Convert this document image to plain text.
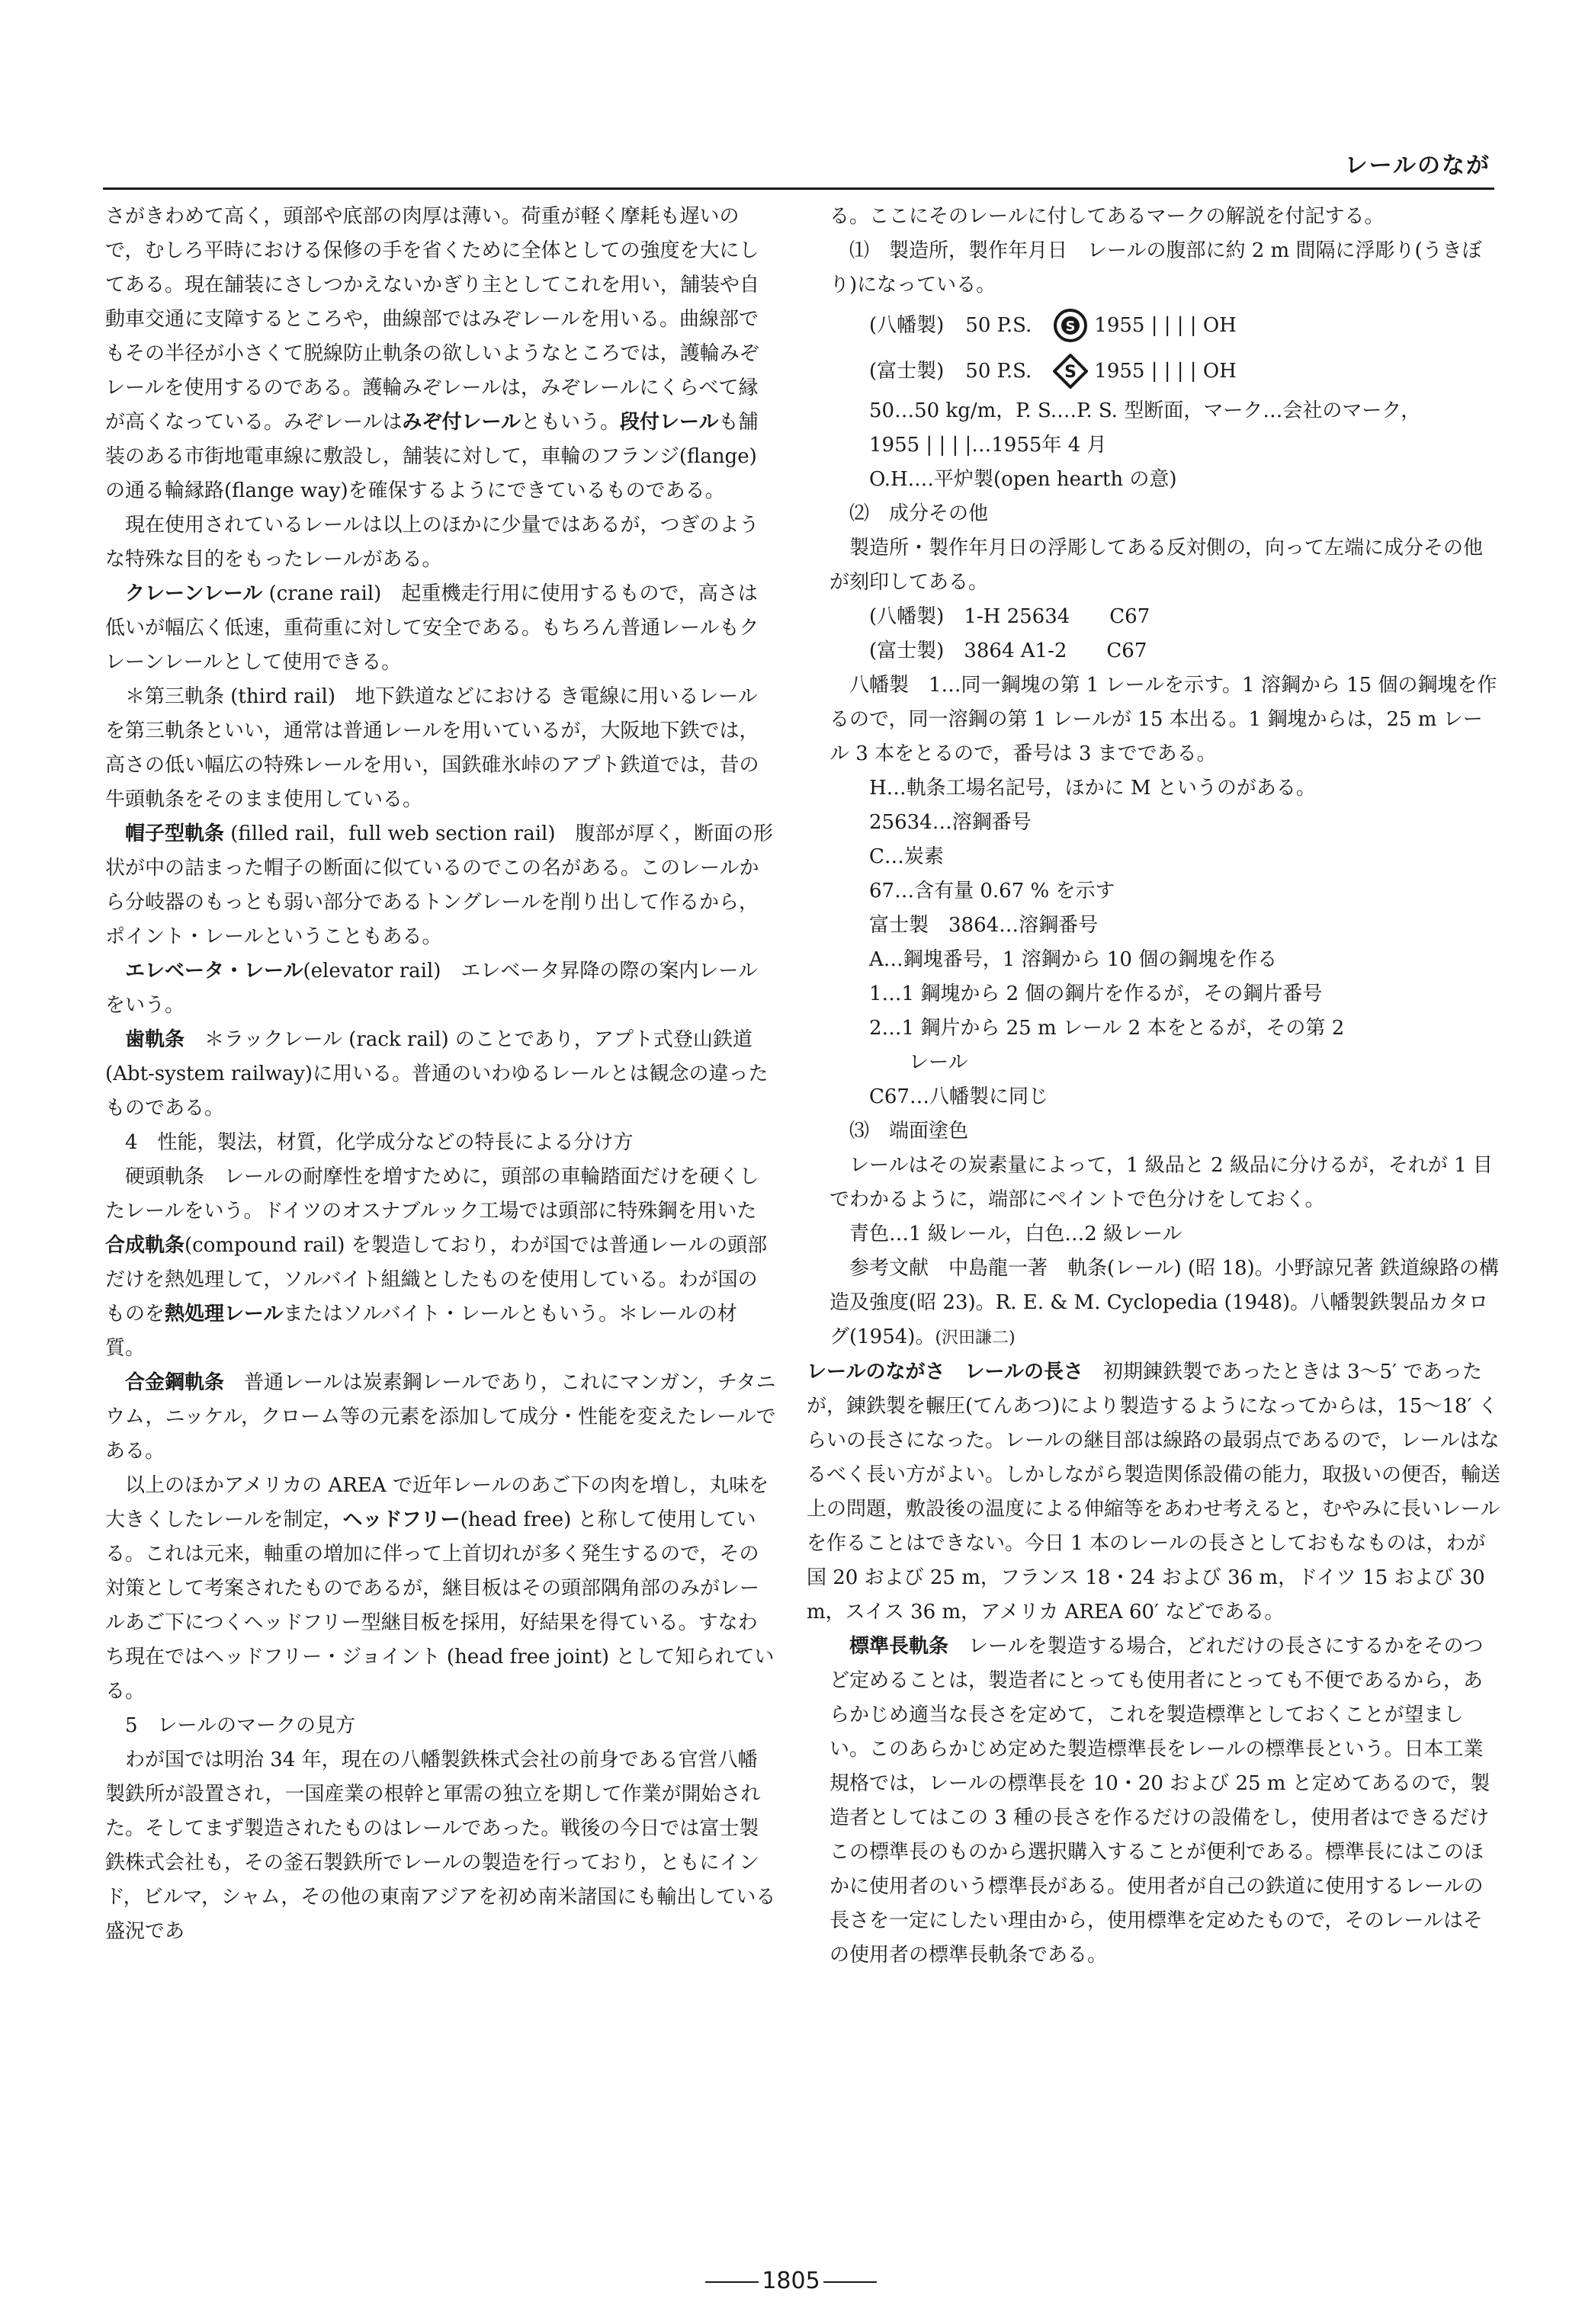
レールのなが

さがきわめて高く，頭部や底部の肉厚は薄い。荷重が軽く摩耗も遅いので，むしろ平時における保修の手を省くために全体としての強度を大にしてある。現在舗装にさしつかえないかぎり主としてこれを用い，舗装や自動車交通に支障するところや，曲線部ではみぞレールを用いる。曲線部でもその半径が小さくて脱線防止軌条の欲しいようなところでは，護輪みぞレールを使用するのである。護輪みぞレールは，みぞレールにくらべて縁が高くなっている。みぞレールはみぞ付レールともいう。段付レールも舗装のある市街地電車線に敷設し，舗装に対して，車輪のフランジ(flange)の通る輪縁路(flange way)を確保するようにできているものである。

現在使用されているレールは以上のほかに少量ではあるが，つぎのような特殊な目的をもったレールがある。

クレーンレール (crane rail)　起重機走行用に使用するもので，高さは低いが幅広く低速，重荷重に対して安全である。もちろん普通レールもクレーンレールとして使用できる。

＊第三軌条 (third rail)　地下鉄道などにおける き電線に用いるレールを第三軌条といい，通常は普通レールを用いているが，大阪地下鉄では，高さの低い幅広の特殊レールを用い，国鉄碓氷峠のアプト鉄道では，昔の牛頭軌条をそのまま使用している。

帽子型軌条 (filled rail，full web section rail)　腹部が厚く，断面の形状が中の詰まった帽子の断面に似ているのでこの名がある。このレールから分岐器のもっとも弱い部分であるトングレールを削り出して作るから，ポイント・レールということもある。

エレベータ・レール(elevator rail)　エレベータ昇降の際の案内レールをいう。

歯軌条　＊ラックレール (rack rail) のことであり，アプト式登山鉄道 (Abt-system railway)に用いる。普通のいわゆるレールとは観念の違ったものである。

4　性能，製法，材質，化学成分などの特長による分け方

硬頭軌条　レールの耐摩性を増すために，頭部の車輪踏面だけを硬くしたレールをいう。ドイツのオスナブルック工場では頭部に特殊鋼を用いた合成軌条(compound rail) を製造しており，わが国では普通レールの頭部だけを熱処理して，ソルバイト組織としたものを使用している。わが国のものを熱処理レールまたはソルバイト・レールともいう。＊レールの材質。

合金鋼軌条　普通レールは炭素鋼レールであり，これにマンガン，チタニウム，ニッケル，クローム等の元素を添加して成分・性能を変えたレールである。

以上のほかアメリカの AREA で近年レールのあご下の肉を増し，丸味を大きくしたレールを制定，ヘッドフリー(head free) と称して使用している。これは元来，軸重の増加に伴って上首切れが多く発生するので，その対策として考案されたものであるが，継目板はその頭部隅角部のみがレールあご下につくヘッドフリー型継目板を採用，好結果を得ている。すなわち現在ではヘッドフリー・ジョイント (head free joint) として知られている。

5　レールのマークの見方

わが国では明治 34 年，現在の八幡製鉄株式会社の前身である官営八幡製鉄所が設置され，一国産業の根幹と軍需の独立を期して作業が開始された。そしてまず製造されたものはレールであった。戦後の今日では富士製鉄株式会社も，その釜石製鉄所でレールの製造を行っており，ともにインド，ビルマ，シャム，その他の東南アジアを初め南米諸国にも輸出している盛況であ

る。ここにそのレールに付してあるマークの解説を付記する。

⑴　製造所，製作年月日　レールの腹部に約 2 m 間隔に浮彫り(うきぼり)になっている。

(八幡製) 50 P.S. S 1955 | | | | OH
(富士製) 50 P.S. S 1955 | | | | OH

50…50 kg/m，P. S.…P. S. 型断面，マーク…会社のマーク，

1955 | | | |…1955年 4 月

O.H.…平炉製(open hearth の意)

⑵　成分その他

製造所・製作年月日の浮彫してある反対側の，向って左端に成分その他が刻印してある。

(八幡製)　 1-H 25634　　C67

(富士製)　 3864 A1-2　　C67

八幡製　1…同一鋼塊の第 1 レールを示す。1 溶鋼から 15 個の鋼塊を作るので，同一溶鋼の第 1 レールが 15 本出る。1 鋼塊からは，25 m レール 3 本をとるので，番号は 3 までである。

H…軌条工場名記号，ほかに M というのがある。

25634…溶鋼番号

C…炭素

67…含有量 0.67 % を示す

富士製　3864…溶鋼番号

A…鋼塊番号，1 溶鋼から 10 個の鋼塊を作る

1…1 鋼塊から 2 個の鋼片を作るが，その鋼片番号

2…1 鋼片から 25 m レール 2 本をとるが，その第 2

レール

C67…八幡製に同じ

⑶　端面塗色

レールはその炭素量によって，1 級品と 2 級品に分けるが，それが 1 目でわかるように，端部にペイントで色分けをしておく。

青色…1 級レール，白色…2 級レール

参考文献　中島龍一著　軌条(レール) (昭 18)。小野諒兄著 鉄道線路の構造及強度(昭 23)。R. E. & M. Cyclopedia (1948)。八幡製鉄製品カタログ(1954)。(沢田謙二)

レールのながさ　 レールの長さ　初期錬鉄製であったときは 3～5′ であったが，錬鉄製を輾圧(てんあつ)により製造するようになってからは，15～18′ くらいの長さになった。レールの継目部は線路の最弱点であるので，レールはなるべく長い方がよい。しかしながら製造関係設備の能力，取扱いの便否，輸送上の問題，敷設後の温度による伸縮等をあわせ考えると，むやみに長いレールを作ることはできない。今日 1 本のレールの長さとしておもなものは，わが国 20 および 25 m，フランス 18・24 および 36 m，ドイツ 15 および 30 m，スイス 36 m，アメリカ AREA 60′ などである。

標準長軌条　レールを製造する場合，どれだけの長さにするかをそのつど定めることは，製造者にとっても使用者にとっても不便であるから，あらかじめ適当な長さを定めて，これを製造標準としておくことが望ましい。このあらかじめ定めた製造標準長をレールの標準長という。日本工業規格では，レールの標準長を 10・20 および 25 m と定めてあるので，製造者としてはこの 3 種の長さを作るだけの設備をし，使用者はできるだけこの標準長のものから選択購入することが便利である。標準長にはこのほかに使用者のいう標準長がある。使用者が自己の鉄道に使用するレールの長さを一定にしたい理由から，使用標準を定めたもので，そのレールはその使用者の標準長軌条である。

1805
